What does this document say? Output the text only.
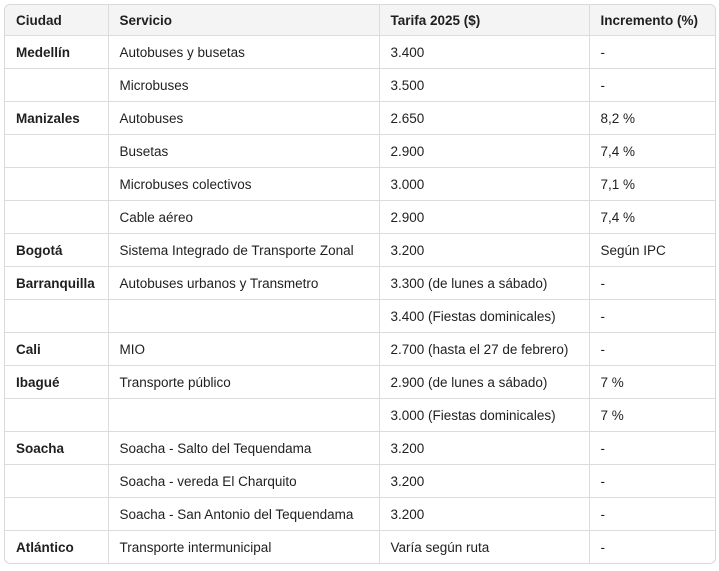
Ciudad	Servicio	Tarifa 2025 ($)	Incremento (%)
Medellín	Autobuses y busetas	3.400	-
	Microbuses	3.500	-
Manizales	Autobuses	2.650	8,2 %
	Busetas	2.900	7,4 %
	Microbuses colectivos	3.000	7,1 %
	Cable aéreo	2.900	7,4 %
Bogotá	Sistema Integrado de Transporte Zonal	3.200	Según IPC
Barranquilla	Autobuses urbanos y Transmetro	3.300 (de lunes a sábado)	-
		3.400 (Fiestas dominicales)	-
Cali	MIO	2.700 (hasta el 27 de febrero)	-
Ibagué	Transporte público	2.900 (de lunes a sábado)	7 %
		3.000 (Fiestas dominicales)	7 %
Soacha	Soacha - Salto del Tequendama	3.200	-
	Soacha - vereda El Charquito	3.200	-
	Soacha - San Antonio del Tequendama	3.200	-
Atlántico	Transporte intermunicipal	Varía según ruta	-
